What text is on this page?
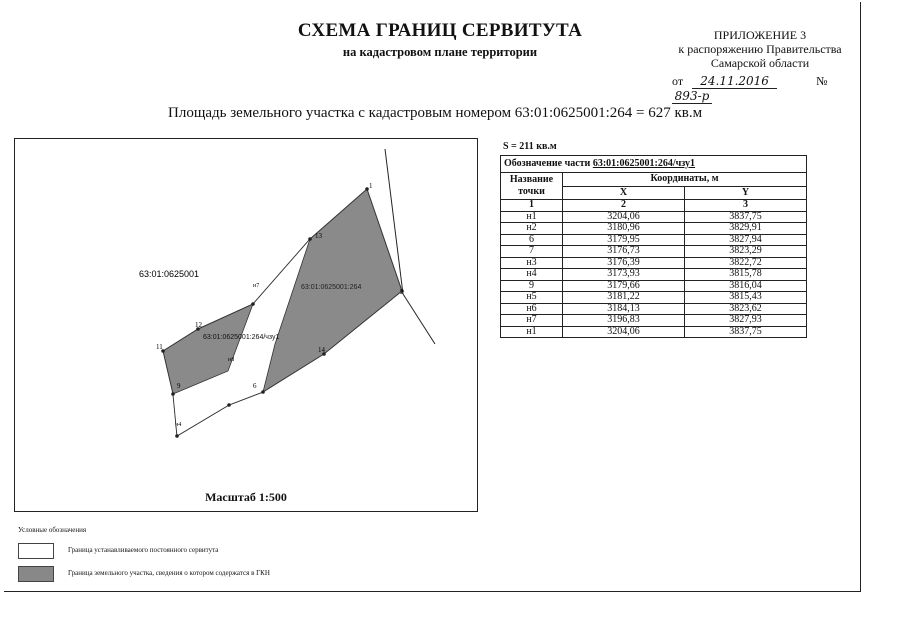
СХЕМА ГРАНИЦ СЕРВИТУТА
на кадастровом плане территории
ПРИЛОЖЕНИЕ 3
к распоряжению Правительства
Самарской области
от 24.11.2016	№ 893-р
Площадь земельного участка с кадастровым номером 63:01:0625001:264 = 627 кв.м
63:01:0625001
63:01:0625001:264
63:01:0625001:264/чзу1
1
2
11
12
13
н7
н8
9	6
н4
14
Масштаб 1:500
S = 211 кв.м
Обозначение части 63:01:0625001:264/чзу1		
Название точки	Координаты, м	
	X	Y
1	2	3
н1	3204,06	3837,75
н2	3180,96	3829,91
6	3179,95	3827,94
7	3176,73	3823,29
н3	3176,39	3822,72
н4	3173,93	3815,78
9	3179,66	3816,04
н5	3181,22	3815,43
н6	3184,13	3823,62
н7	3196,83	3827,93
н1	3204,06	3837,75
Условные обозначения
Граница устанавливаемого постоянного сервитута
Граница земельного участка, сведения о котором содержатся в ГКН
